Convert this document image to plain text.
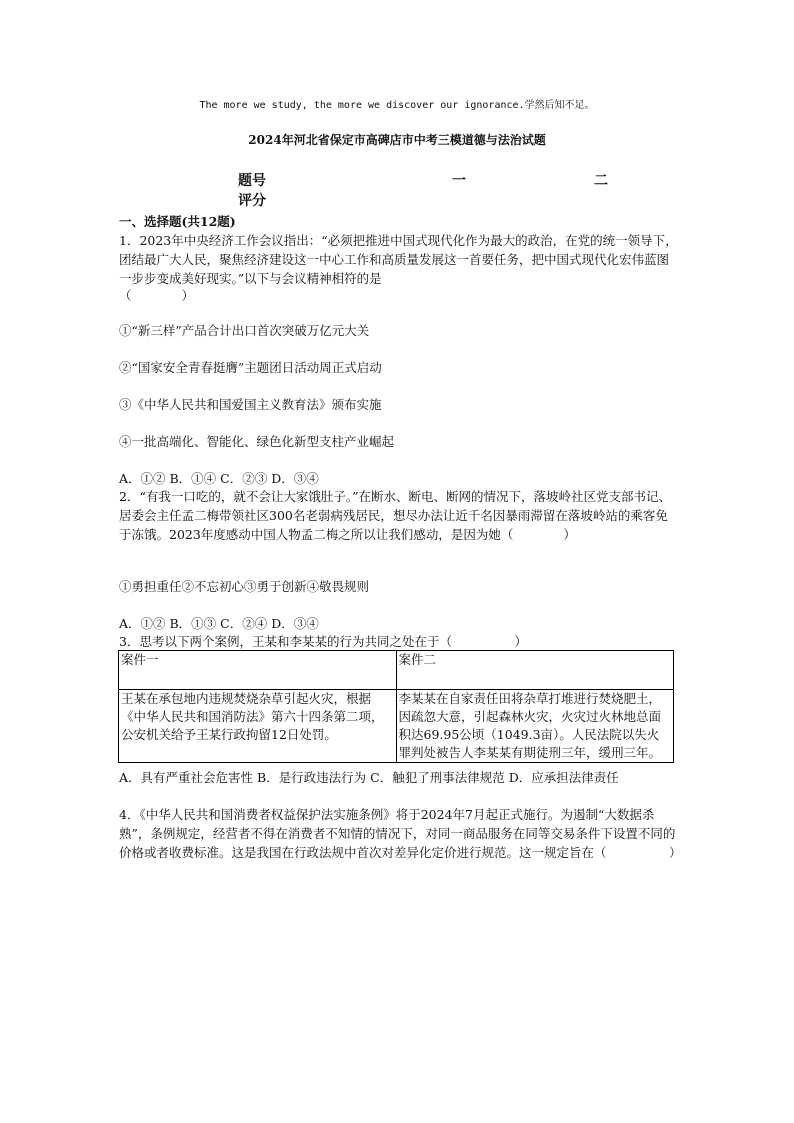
The more we study, the more we discover our ignorance.学然后知不足。
2024年河北省保定市高碑店市中考三模道德与法治试题
题号	一	二
评分
一、选择题(共12题)
1．2023年中央经济工作会议指出：“必须把推进中国式现代化作为最大的政治，在党的统一领导下，团结最广大人民，聚焦经济建设这一中心工作和高质量发展这一首要任务，把中国式现代化宏伟蓝图一步步变成美好现实。”以下与会议精神相符的是
（　　　　）
①“新三样”产品合计出口首次突破万亿元大关
②“国家安全青春挺膺”主题团日活动周正式启动
③《中华人民共和国爱国主义教育法》颁布实施
④一批高端化、智能化、绿色化新型支柱产业崛起
A．①② B．①④ C．②③ D．③④
2．“有我一口吃的，就不会让大家饿肚子。”在断水、断电、断网的情况下，落坡岭社区党支部书记、居委会主任孟二梅带领社区300名老弱病残居民，想尽办法让近千名因暴雨滞留在落坡岭站的乘客免于冻饿。2023年度感动中国人物孟二梅之所以让我们感动，是因为她（　　　　）
①勇担重任②不忘初心③勇于创新④敬畏规则
A．①② B．①③ C．②④ D．③④
3．思考以下两个案例，王某和李某某的行为共同之处在于（　　　　　）
案件一	案件二
王某在承包地内违规焚烧杂草引起火灾，根据《中华人民共和国消防法》第六十四条第二项，公安机关给予王某行政拘留12日处罚。	李某某在自家责任田将杂草打堆进行焚烧肥土，因疏忽大意，引起森林火灾，火灾过火林地总面积达69.95公顷（1049.3亩）。人民法院以失火罪判处被告人李某某有期徒刑三年，缓刑三年。
A．具有严重社会危害性 B．是行政违法行为 C．触犯了刑事法律规范 D．应承担法律责任
4．《中华人民共和国消费者权益保护法实施条例》将于2024年7月起正式施行。为遏制“大数据杀熟”，条例规定，经营者不得在消费者不知情的情况下，对同一商品服务在同等交易条件下设置不同的价格或者收费标准。这是我国在行政法规中首次对差异化定价进行规范。这一规定旨在（　　　　　）
